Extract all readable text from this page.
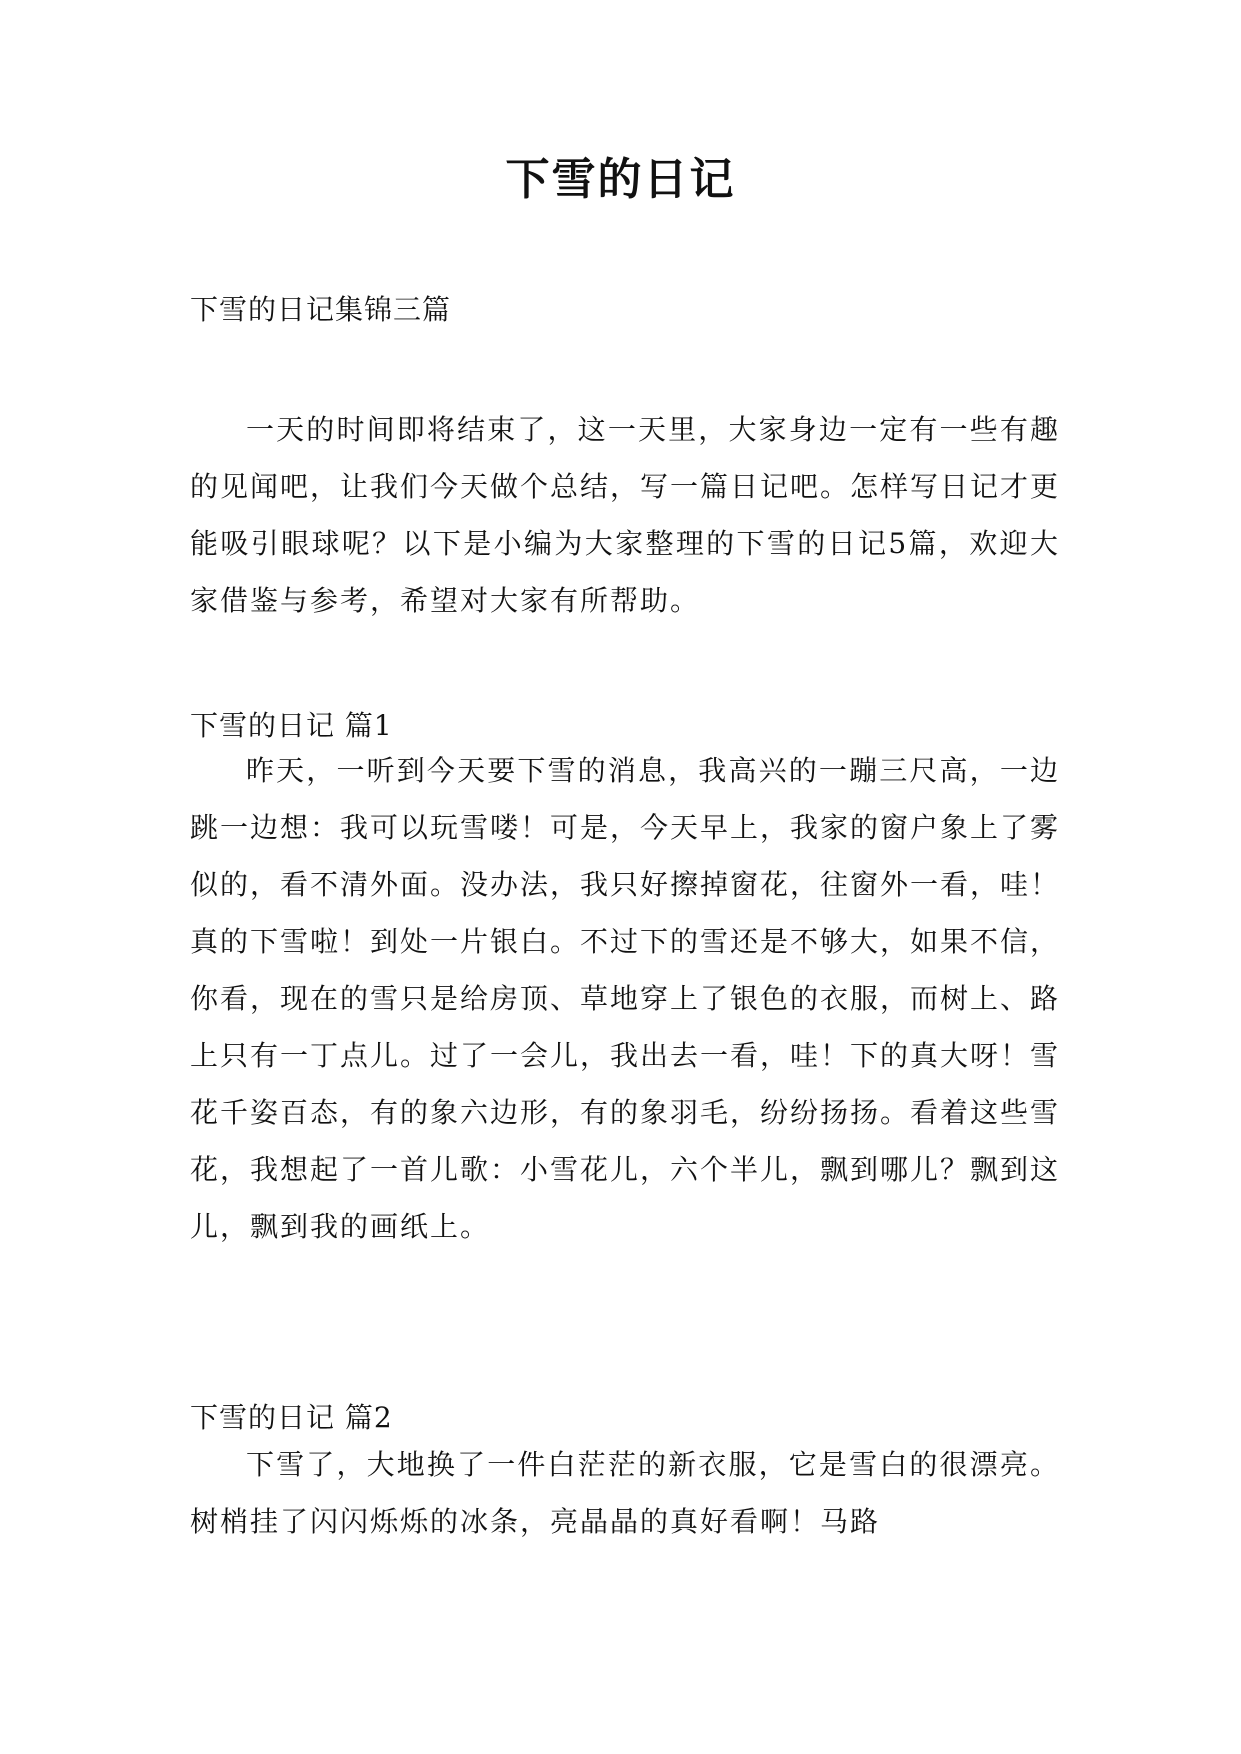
下雪的日记

下雪的日记集锦三篇

一天的时间即将结束了，这一天里，大家身边一定有一些有趣的见闻吧，让我们今天做个总结，写一篇日记吧。怎样写日记才更能吸引眼球呢？以下是小编为大家整理的下雪的日记5篇，欢迎大家借鉴与参考，希望对大家有所帮助。

下雪的日记 篇1

昨天，一听到今天要下雪的消息，我高兴的一蹦三尺高，一边跳一边想：我可以玩雪喽！可是，今天早上，我家的窗户象上了雾似的，看不清外面。没办法，我只好擦掉窗花，往窗外一看，哇！真的下雪啦！到处一片银白。不过下的雪还是不够大，如果不信，你看，现在的雪只是给房顶、草地穿上了银色的衣服，而树上、路上只有一丁点儿。过了一会儿，我出去一看，哇！下的真大呀！雪花千姿百态，有的象六边形，有的象羽毛，纷纷扬扬。看着这些雪花，我想起了一首儿歌：小雪花儿，六个半儿，飘到哪儿？飘到这儿，飘到我的画纸上。

下雪的日记 篇2

下雪了，大地换了一件白茫茫的新衣服，它是雪白的很漂亮。树梢挂了闪闪烁烁的冰条，亮晶晶的真好看啊！马路
